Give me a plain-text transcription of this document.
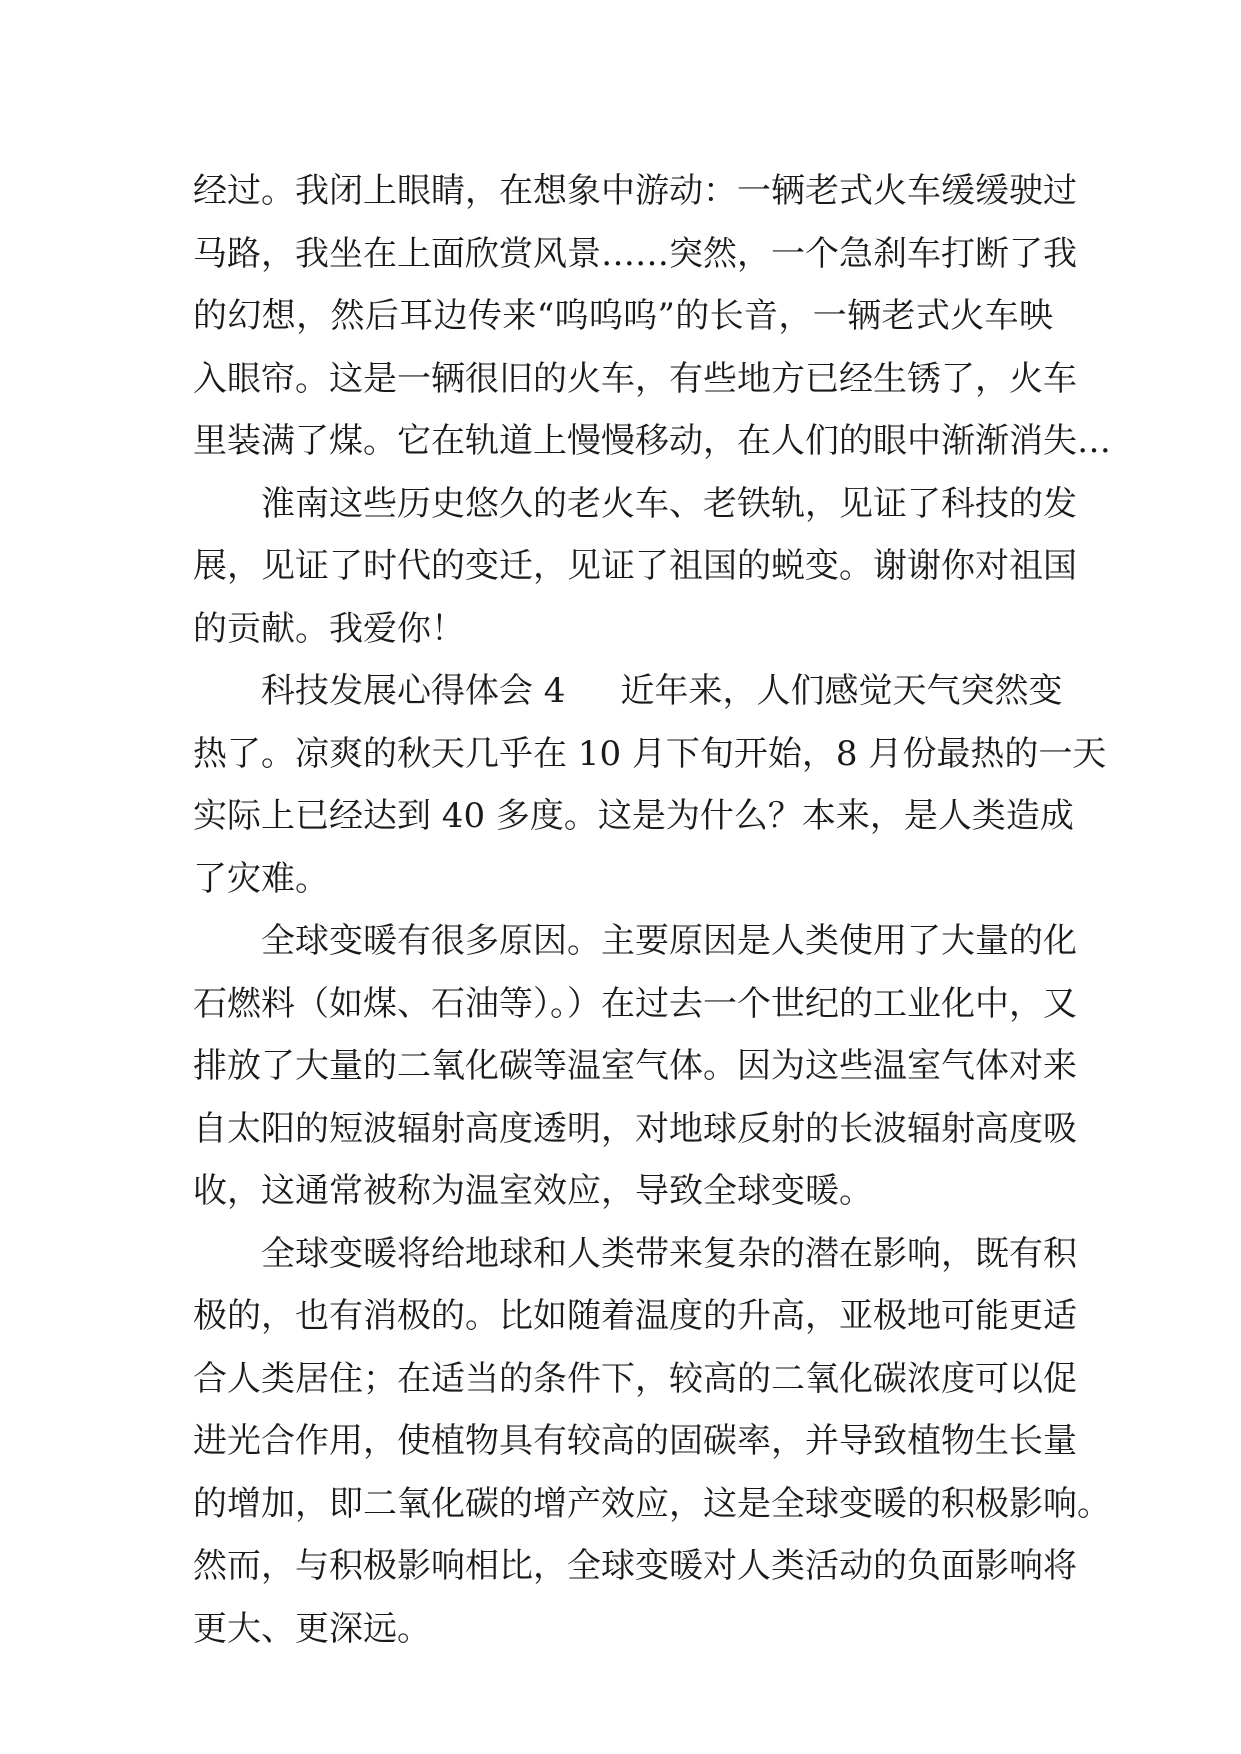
经过。我闭上眼睛，在想象中游动：一辆老式火车缓缓驶过
马路，我坐在上面欣赏风景……突然，一个急刹车打断了我
的幻想，然后耳边传来“呜呜呜”的长音，一辆老式火车映
入眼帘。这是一辆很旧的火车，有些地方已经生锈了，火车
里装满了煤。它在轨道上慢慢移动，在人们的眼中渐渐消失…
淮南这些历史悠久的老火车、老铁轨，见证了科技的发
展，见证了时代的变迁，见证了祖国的蜕变。谢谢你对祖国
的贡献。我爱你！
科技发展心得体会 4 近年来，人们感觉天气突然变
热了。凉爽的秋天几乎在 10 月下旬开始，8 月份最热的一天
实际上已经达到 40 多度。这是为什么？本来，是人类造成
了灾难。
全球变暖有很多原因。主要原因是人类使用了大量的化
石燃料（如煤、石油等）。）在过去一个世纪的工业化中，又
排放了大量的二氧化碳等温室气体。因为这些温室气体对来
自太阳的短波辐射高度透明，对地球反射的长波辐射高度吸
收，这通常被称为温室效应，导致全球变暖。
全球变暖将给地球和人类带来复杂的潜在影响，既有积
极的，也有消极的。比如随着温度的升高，亚极地可能更适
合人类居住；在适当的条件下，较高的二氧化碳浓度可以促
进光合作用，使植物具有较高的固碳率，并导致植物生长量
的增加，即二氧化碳的增产效应，这是全球变暖的积极影响。
然而，与积极影响相比，全球变暖对人类活动的负面影响将
更大、更深远。
